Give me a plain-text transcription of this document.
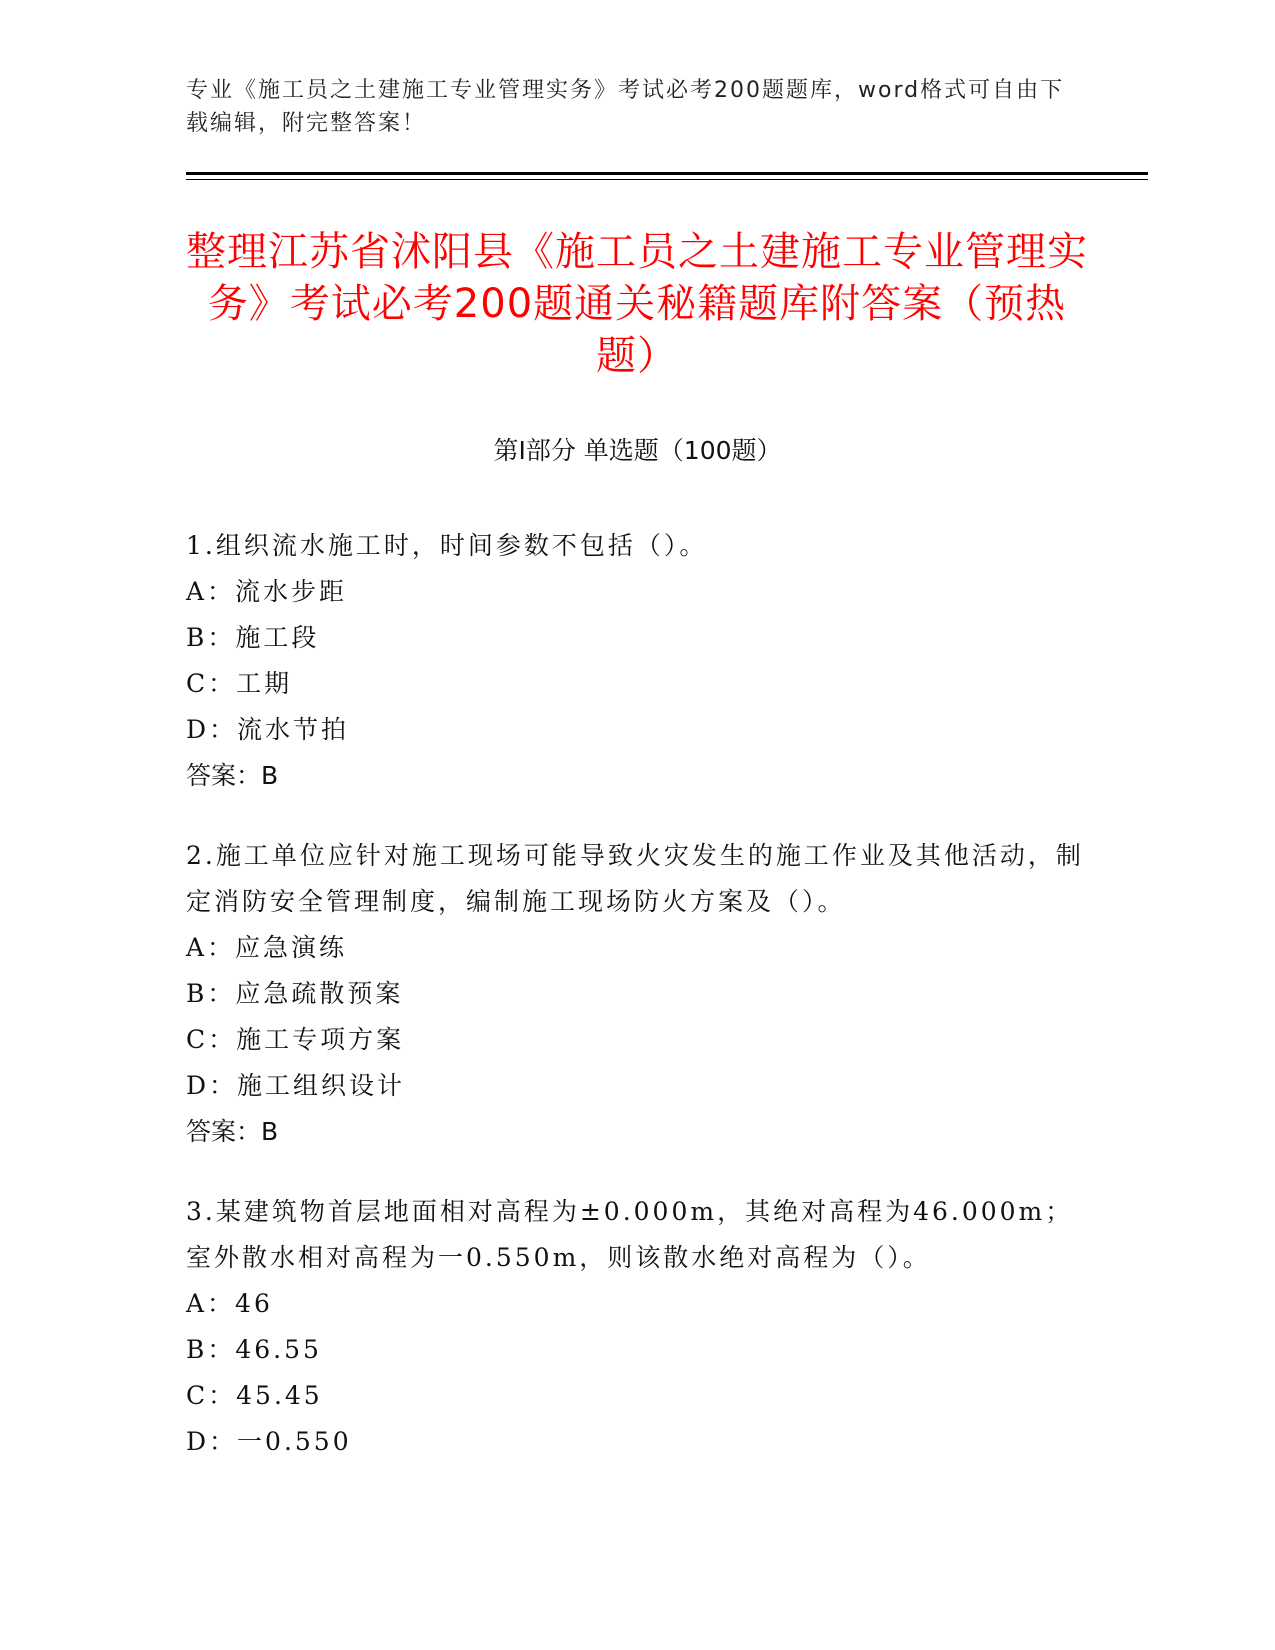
专业《施工员之土建施工专业管理实务》考试必考200题题库，word格式可自由下载编辑，附完整答案！
整理江苏省沭阳县《施工员之土建施工专业管理实务》考试必考200题通关秘籍题库附答案（预热题）
第Ⅰ部分 单选题（100题）
1.组织流水施工时，时间参数不包括（）。
A：流水步距
B：施工段
C：工期
D：流水节拍
答案：B
2.施工单位应针对施工现场可能导致火灾发生的施工作业及其他活动，制定消防安全管理制度，编制施工现场防火方案及（）。
A：应急演练
B：应急疏散预案
C：施工专项方案
D：施工组织设计
答案：B
3.某建筑物首层地面相对高程为±0.000m，其绝对高程为46.000m；室外散水相对高程为一0.550m，则该散水绝对高程为（）。
A：46
B：46.55
C：45.45
D：一0.550
